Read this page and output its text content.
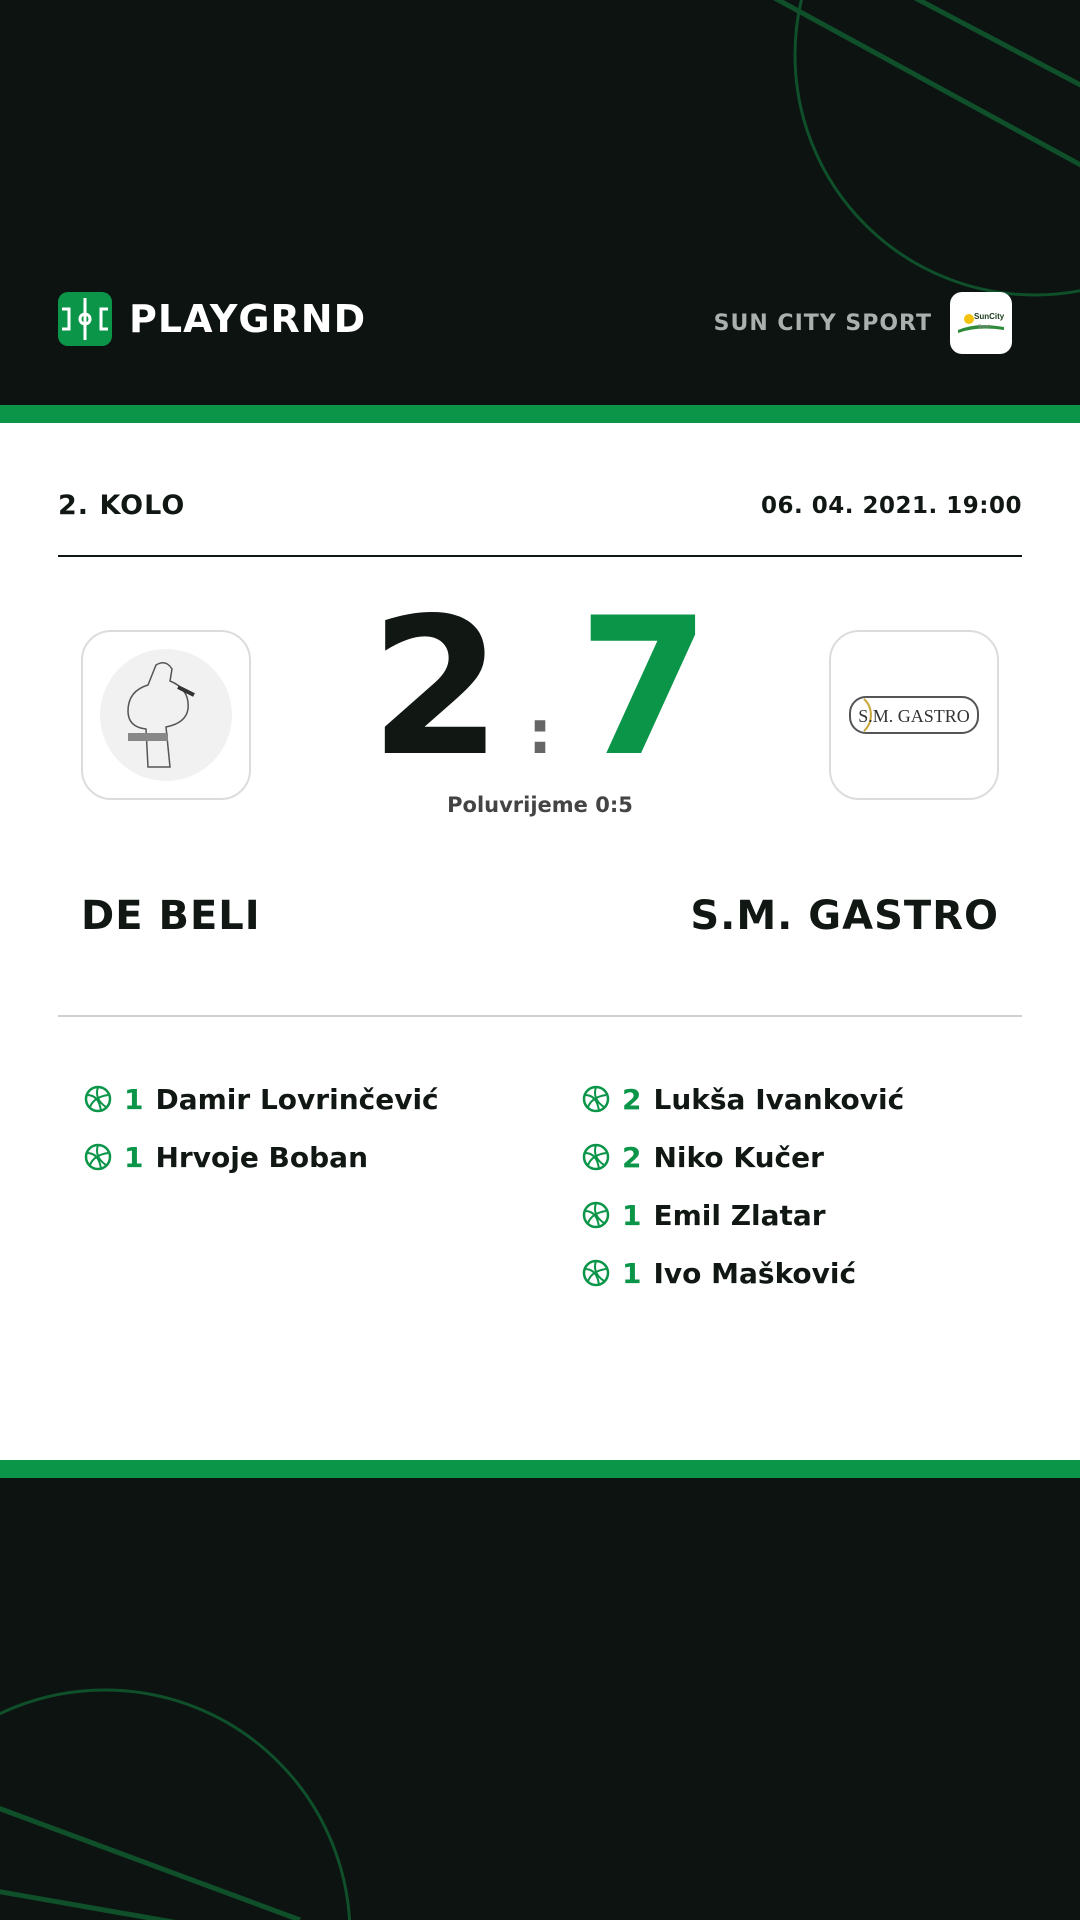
PLAYGRND	SUN CITY SPORT	SunCity
Sport
2. KOLO	06. 04. 2021. 19:00
S.M. GASTRO
2 : 7
Poluvrijeme 0:5
DE BELI	S.M. GASTRO
1 Damir Lovrinčević
1 Hrvoje Boban
2 Lukša Ivanković
2 Niko Kučer
1 Emil Zlatar
1 Ivo Mašković
